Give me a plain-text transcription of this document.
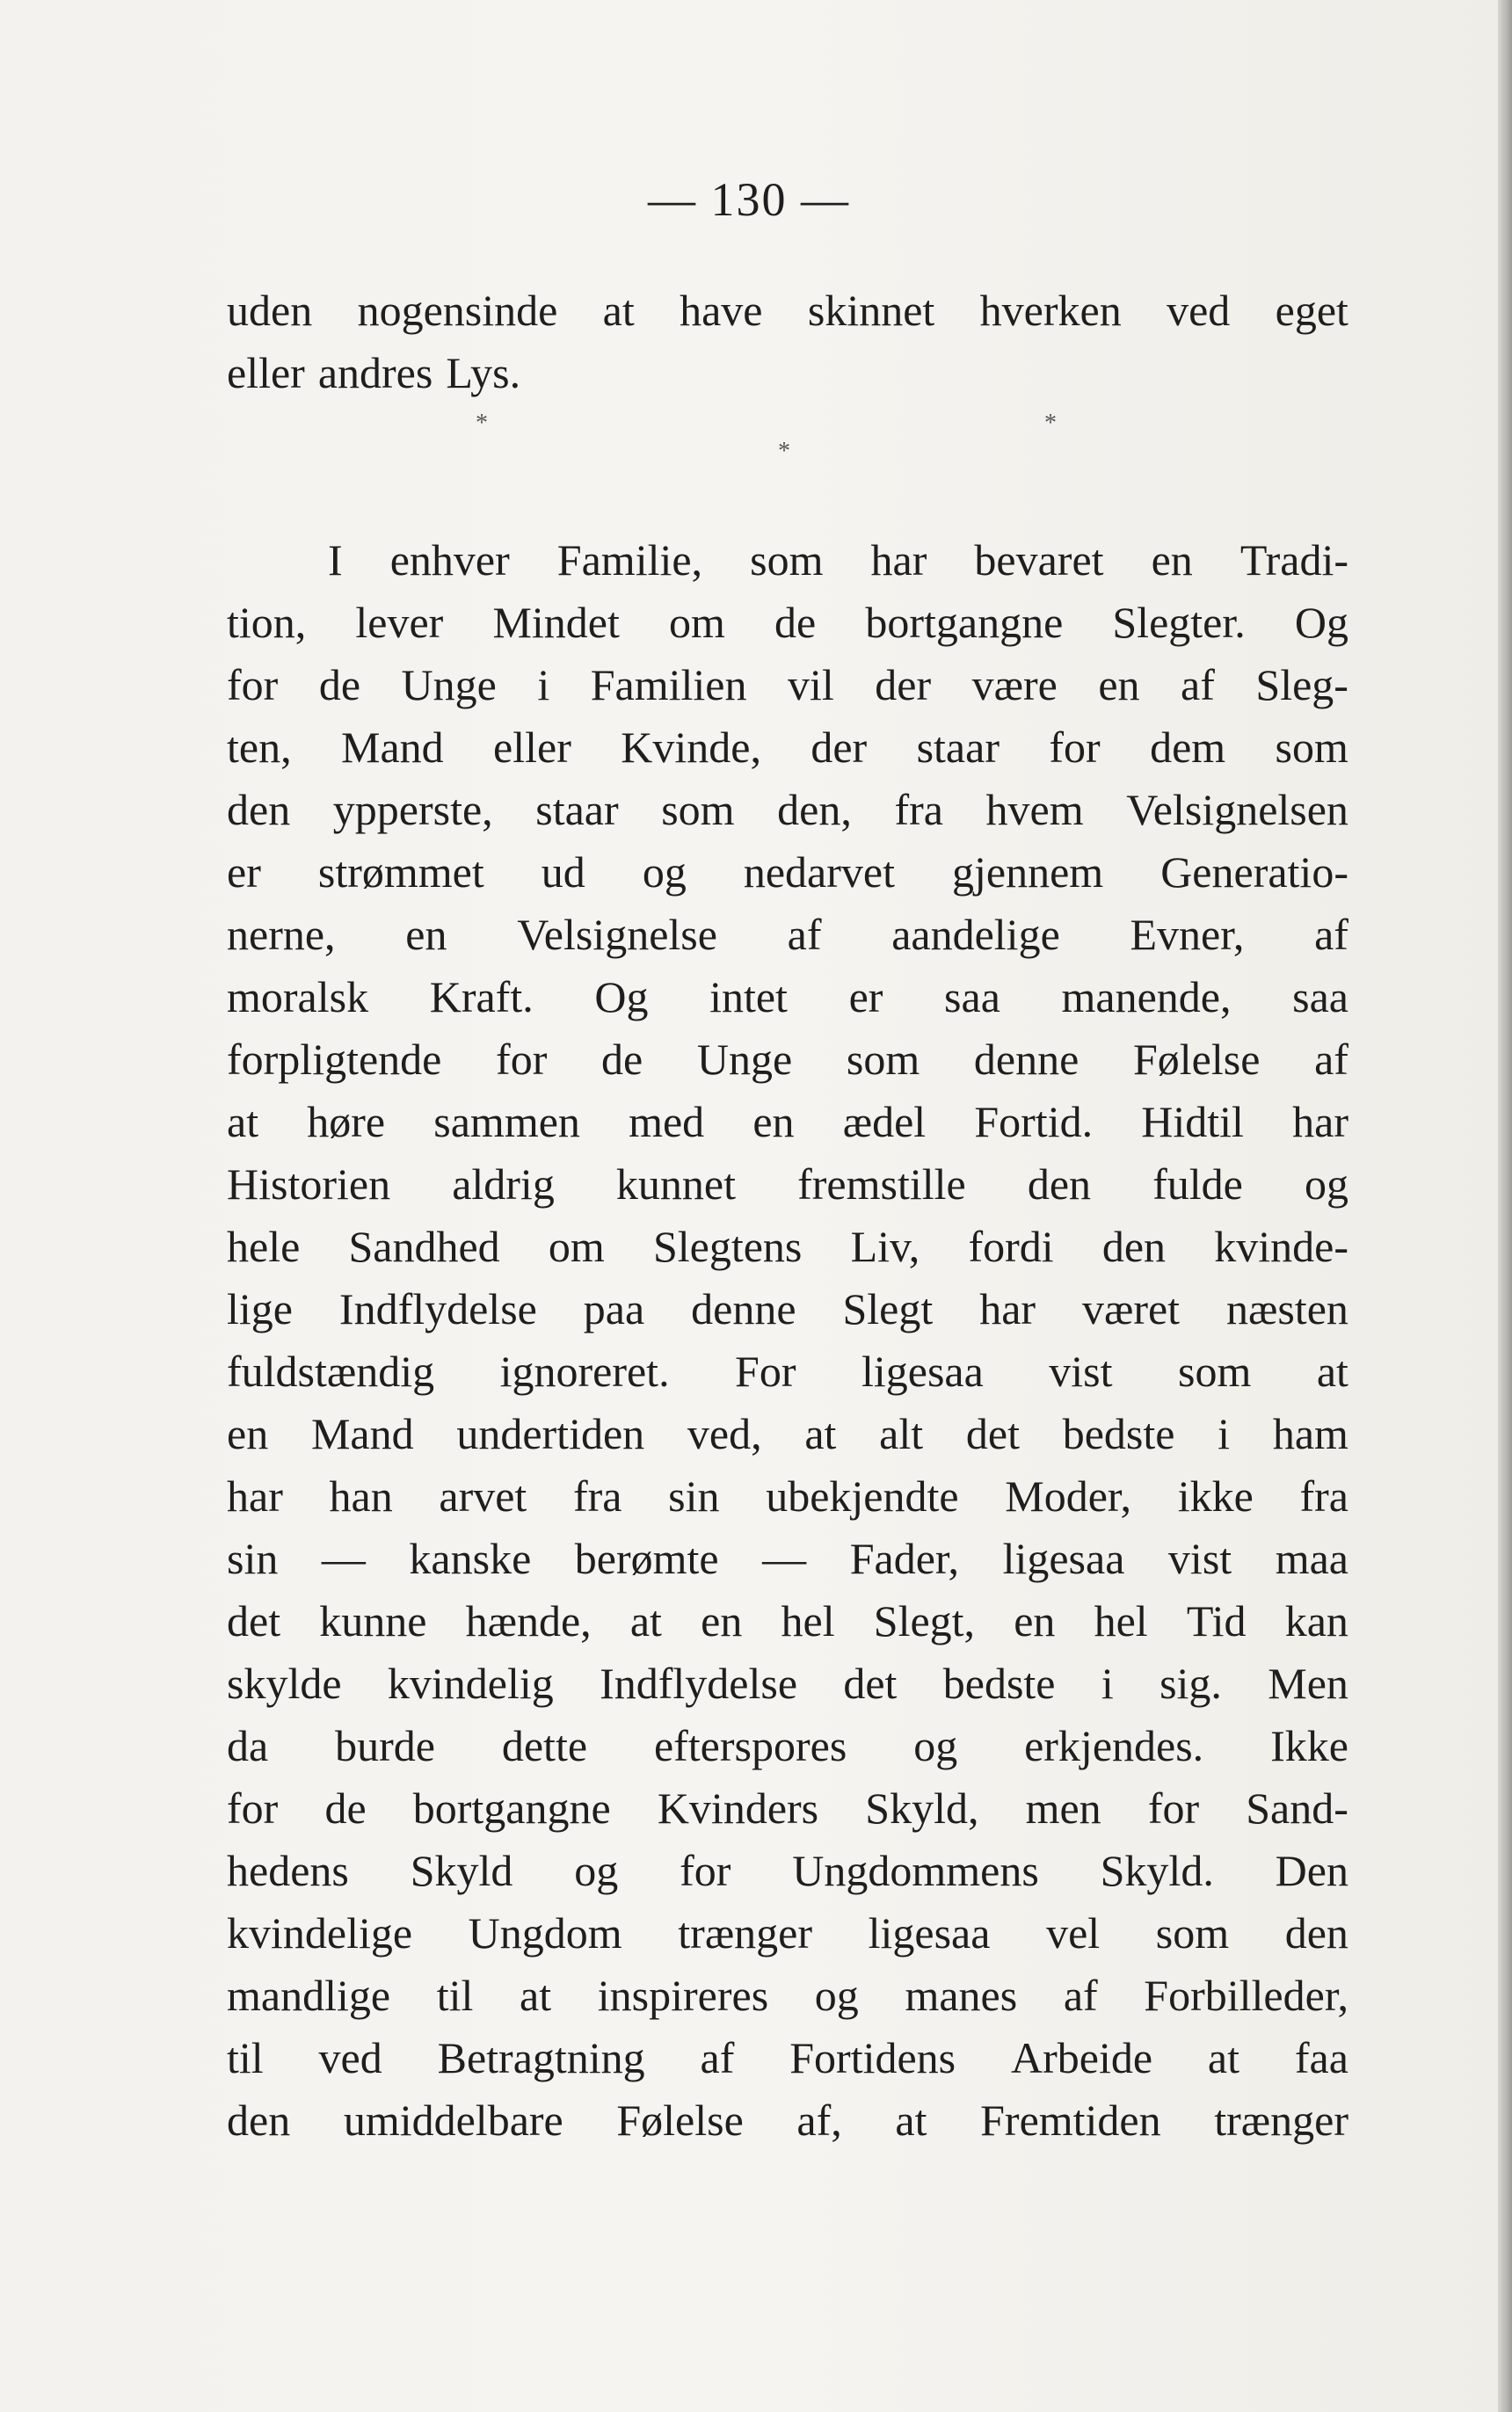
— 130 —

uden nogensinde at have skinnet hverken ved eget
eller andres Lys.
*
*
*
I enhver Familie, som har bevaret en Tradi-
tion, lever Mindet om de bortgangne Slegter. Og
for de Unge i Familien vil der være en af Sleg-
ten, Mand eller Kvinde, der staar for dem som
den ypperste, staar som den, fra hvem Velsignelsen
er strømmet ud og nedarvet gjennem Generatio-
nerne, en Velsignelse af aandelige Evner, af
moralsk Kraft. Og intet er saa manende, saa
forpligtende for de Unge som denne Følelse af
at høre sammen med en ædel Fortid. Hidtil har
Historien aldrig kunnet fremstille den fulde og
hele Sandhed om Slegtens Liv, fordi den kvinde-
lige Indflydelse paa denne Slegt har været næsten
fuldstændig ignoreret. For ligesaa vist som at
en Mand undertiden ved, at alt det bedste i ham
har han arvet fra sin ubekjendte Moder, ikke fra
sin — kanske berømte — Fader, ligesaa vist maa
det kunne hænde, at en hel Slegt, en hel Tid kan
skylde kvindelig Indflydelse det bedste i sig. Men
da burde dette efterspores og erkjendes. Ikke
for de bortgangne Kvinders Skyld, men for Sand-
hedens Skyld og for Ungdommens Skyld. Den
kvindelige Ungdom trænger ligesaa vel som den
mandlige til at inspireres og manes af Forbilleder,
til ved Betragtning af Fortidens Arbeide at faa
den umiddelbare Følelse af, at Fremtiden trænger
